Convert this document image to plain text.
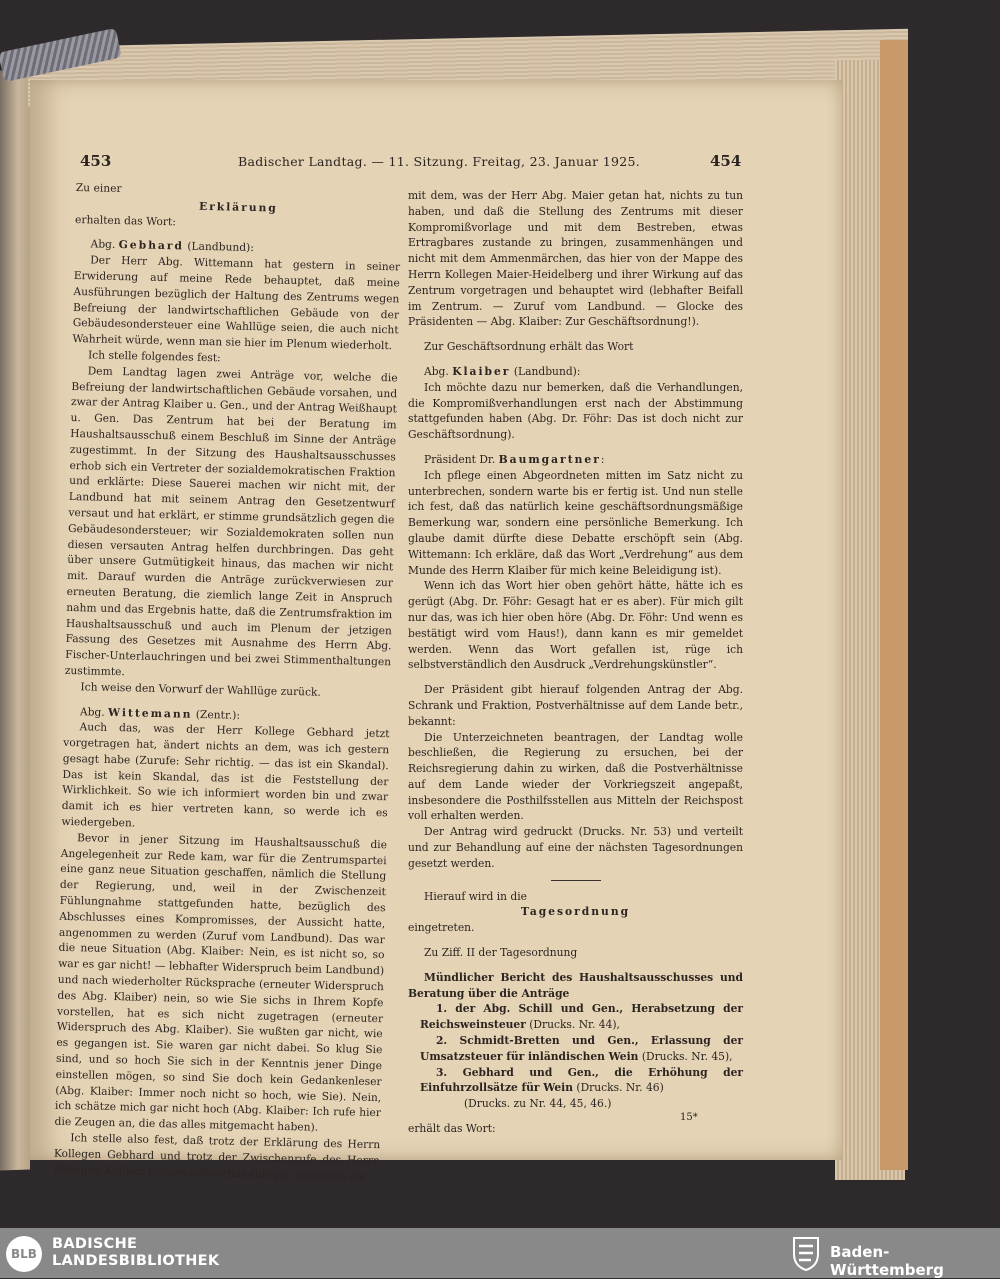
453	Badischer Landtag. — 11. Sitzung. Freitag, 23. Januar 1925.	454

Zu einer

Erklärung

erhalten das Wort:

Abg. Gebhard (Landbund):

Der Herr Abg. Wittemann hat gestern in seiner Erwiderung auf meine Rede behauptet, daß meine Ausführungen bezüglich der Haltung des Zentrums wegen Befreiung der landwirtschaftlichen Gebäude von der Gebäudesondersteuer eine Wahllüge seien, die auch nicht Wahrheit würde, wenn man sie hier im Plenum wiederholt.

Ich stelle folgendes fest:

Dem Landtag lagen zwei Anträge vor, welche die Befreiung der landwirtschaftlichen Gebäude vorsahen, und zwar der Antrag Klaiber u. Gen., und der Antrag Weißhaupt u. Gen. Das Zentrum hat bei der Beratung im Haushaltsausschuß einem Beschluß im Sinne der Anträge zugestimmt. In der Sitzung des Haushaltsausschusses erhob sich ein Vertreter der sozialdemokratischen Fraktion und erklärte: Diese Sauerei machen wir nicht mit, der Landbund hat mit seinem Antrag den Gesetzentwurf versaut und hat erklärt, er stimme grundsätzlich gegen die Gebäudesondersteuer; wir Sozialdemokraten sollen nun diesen versauten Antrag helfen durchbringen. Das geht über unsere Gutmütigkeit hinaus, das machen wir nicht mit. Darauf wurden die Anträge zurückverwiesen zur erneuten Beratung, die ziemlich lange Zeit in Anspruch nahm und das Ergebnis hatte, daß die Zentrumsfraktion im Haushaltsausschuß und auch im Plenum der jetzigen Fassung des Gesetzes mit Ausnahme des Herrn Abg. Fischer-Unterlauchringen und bei zwei Stimmenthaltungen zustimmte.

Ich weise den Vorwurf der Wahllüge zurück.

Abg. Wittemann (Zentr.):

Auch das, was der Herr Kollege Gebhard jetzt vorgetragen hat, ändert nichts an dem, was ich gestern gesagt habe (Zurufe: Sehr richtig. — das ist ein Skandal). Das ist kein Skandal, das ist die Feststellung der Wirklichkeit. So wie ich informiert worden bin und zwar damit ich es hier vertreten kann, so werde ich es wiedergeben.

Bevor in jener Sitzung im Haushaltsausschuß die Angelegenheit zur Rede kam, war für die Zentrumspartei eine ganz neue Situation geschaffen, nämlich die Stellung der Regierung, und, weil in der Zwischenzeit Fühlungnahme stattgefunden hatte, bezüglich des Abschlusses eines Kompromisses, der Aussicht hatte, angenommen zu werden (Zuruf vom Landbund). Das war die neue Situation (Abg. Klaiber: Nein, es ist nicht so, so war es gar nicht! — lebhafter Widerspruch beim Landbund) und nach wiederholter Rücksprache (erneuter Widerspruch des Abg. Klaiber) nein, so wie Sie sichs in Ihrem Kopfe vorstellen, hat es sich nicht zugetragen (erneuter Widerspruch des Abg. Klaiber). Sie wußten gar nicht, wie es gegangen ist. Sie waren gar nicht dabei. So klug Sie sind, und so hoch Sie sich in der Kenntnis jener Dinge einstellen mögen, so sind Sie doch kein Gedankenleser (Abg. Klaiber: Immer noch nicht so hoch, wie Sie). Nein, ich schätze mich gar nicht hoch (Abg. Klaiber: Ich rufe hier die Zeugen an, die das alles mitgemacht haben).

Ich stelle also fest, daß trotz der Erklärung des Herrn Kollegen Gebhard und trotz der Zwischenrufe des Herrn Kollegen Klaiber Kompromißverhandlungen vorlagen, die

mit dem, was der Herr Abg. Maier getan hat, nichts zu tun haben, und daß die Stellung des Zentrums mit dieser Kompromißvorlage und mit dem Bestreben, etwas Ertragbares zustande zu bringen, zusammenhängen und nicht mit dem Ammenmärchen, das hier von der Mappe des Herrn Kollegen Maier-Heidelberg und ihrer Wirkung auf das Zentrum vorgetragen und behauptet wird (lebhafter Beifall im Zentrum. — Zuruf vom Landbund. — Glocke des Präsidenten — Abg. Klaiber: Zur Geschäftsordnung!).

Zur Geschäftsordnung erhält das Wort

Abg. Klaiber (Landbund):

Ich möchte dazu nur bemerken, daß die Verhandlungen, die Kompromißverhandlungen erst nach der Abstimmung stattgefunden haben (Abg. Dr. Föhr: Das ist doch nicht zur Geschäftsordnung).

Präsident Dr. Baumgartner:

Ich pflege einen Abgeordneten mitten im Satz nicht zu unterbrechen, sondern warte bis er fertig ist. Und nun stelle ich fest, daß das natürlich keine geschäftsordnungsmäßige Bemerkung war, sondern eine persönliche Bemerkung. Ich glaube damit dürfte diese Debatte erschöpft sein (Abg. Wittemann: Ich erkläre, daß das Wort „Verdrehung“ aus dem Munde des Herrn Klaiber für mich keine Beleidigung ist).

Wenn ich das Wort hier oben gehört hätte, hätte ich es gerügt (Abg. Dr. Föhr: Gesagt hat er es aber). Für mich gilt nur das, was ich hier oben höre (Abg. Dr. Föhr: Und wenn es bestätigt wird vom Haus!), dann kann es mir gemeldet werden. Wenn das Wort gefallen ist, rüge ich selbstverständlich den Ausdruck „Verdrehungskünstler“.

Der Präsident gibt hierauf folgenden Antrag der Abg. Schrank und Fraktion, Postverhältnisse auf dem Lande betr., bekannt:

Die Unterzeichneten beantragen, der Landtag wolle beschließen, die Regierung zu ersuchen, bei der Reichsregierung dahin zu wirken, daß die Postverhältnisse auf dem Lande wieder der Vorkriegszeit angepaßt, insbesondere die Posthilfsstellen aus Mitteln der Reichspost voll erhalten werden.

Der Antrag wird gedruckt (Drucks. Nr. 53) und verteilt und zur Behandlung auf eine der nächsten Tagesordnungen gesetzt werden.

Hierauf wird in die

Tagesordnung

eingetreten.

Zu Ziff. II der Tagesordnung

Mündlicher Bericht des Haushaltsausschusses und Beratung über die Anträge

1. der Abg. Schill und Gen., Herabsetzung der Reichsweinsteuer (Drucks. Nr. 44),

2. Schmidt-Bretten und Gen., Erlassung der Umsatzsteuer für inländischen Wein (Drucks. Nr. 45),

3. Gebhard und Gen., die Erhöhung der Einfuhrzollsätze für Wein (Drucks. Nr. 46)

(Drucks. zu Nr. 44, 45, 46.)

erhält das Wort:

15*
BLB
BADISCHE
LANDESBIBLIOTHEK	Baden-Württemberg
